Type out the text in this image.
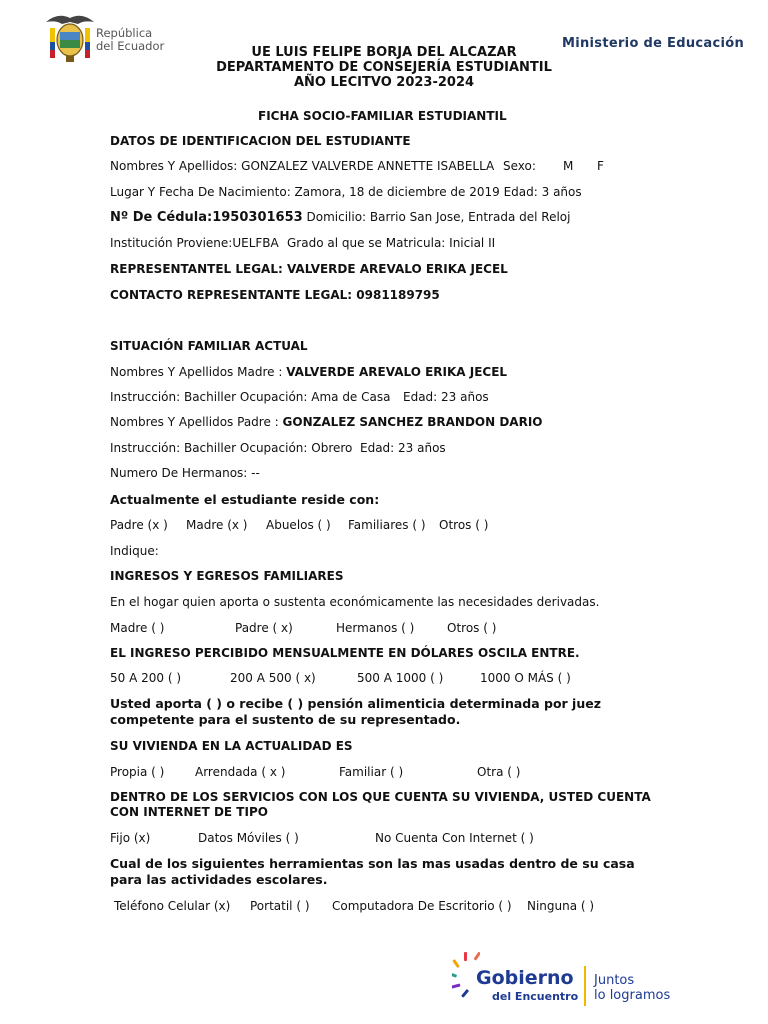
República
del Ecuador	Ministerio de Educación
UE LUIS FELIPE BORJA DEL ALCAZAR
DEPARTAMENTO DE CONSEJERÍA ESTUDIANTIL
AÑO LECITVO 2023-2024
FICHA SOCIO-FAMILIAR ESTUDIANTIL
DATOS DE IDENTIFICACION DEL ESTUDIANTE
Nombres Y Apellidos: GONZALEZ VALVERDE ANNETTE ISABELLA Sexo: M F
Lugar Y Fecha De Nacimiento: Zamora, 18 de diciembre de 2019 Edad: 3 años
Nº De Cédula:1950301653 Domicilio: Barrio San Jose, Entrada del Reloj
Institución Proviene:UELFBA Grado al que se Matricula: Inicial II
REPRESENTANTEL LEGAL: VALVERDE AREVALO ERIKA JECEL
CONTACTO REPRESENTANTE LEGAL: 0981189795
SITUACIÓN FAMILIAR ACTUAL
Nombres Y Apellidos Madre : VALVERDE AREVALO ERIKA JECEL
Instrucción: Bachiller Ocupación: Ama de Casa Edad: 23 años
Nombres Y Apellidos Padre : GONZALEZ SANCHEZ BRANDON DARIO
Instrucción: Bachiller Ocupación: Obrero Edad: 23 años
Numero De Hermanos: --
Actualmente el estudiante reside con:
Padre (x ) Madre (x ) Abuelos ( ) Familiares ( ) Otros ( )
Indique:
INGRESOS Y EGRESOS FAMILIARES
En el hogar quien aporta o sustenta económicamente las necesidades derivadas.
Madre ( )	Padre ( x)	Hermanos ( )	Otros ( )
EL INGRESO PERCIBIDO MENSUALMENTE EN DÓLARES OSCILA ENTRE.
50 A 200 ( )	200 A 500 ( x)	500 A 1000 ( )	1000 O MÁS ( )
Usted aporta ( ) o recibe ( ) pensión alimenticia determinada por juez competente para el sustento de su representado.
SU VIVIENDA EN LA ACTUALIDAD ES
Propia ( )	Arrendada ( x )	Familiar ( )	Otra ( )
DENTRO DE LOS SERVICIOS CON LOS QUE CUENTA SU VIVIENDA, USTED CUENTA CON INTERNET DE TIPO
Fijo (x)	Datos Móviles ( )	No Cuenta Con Internet ( )
Cual de los siguientes herramientas son las mas usadas dentro de su casa para las actividades escolares.
Teléfono Celular (x) Portatil ( ) Computadora De Escritorio ( ) Ninguna ( )
Gobierno
del Encuentro
Juntos
lo logramos
